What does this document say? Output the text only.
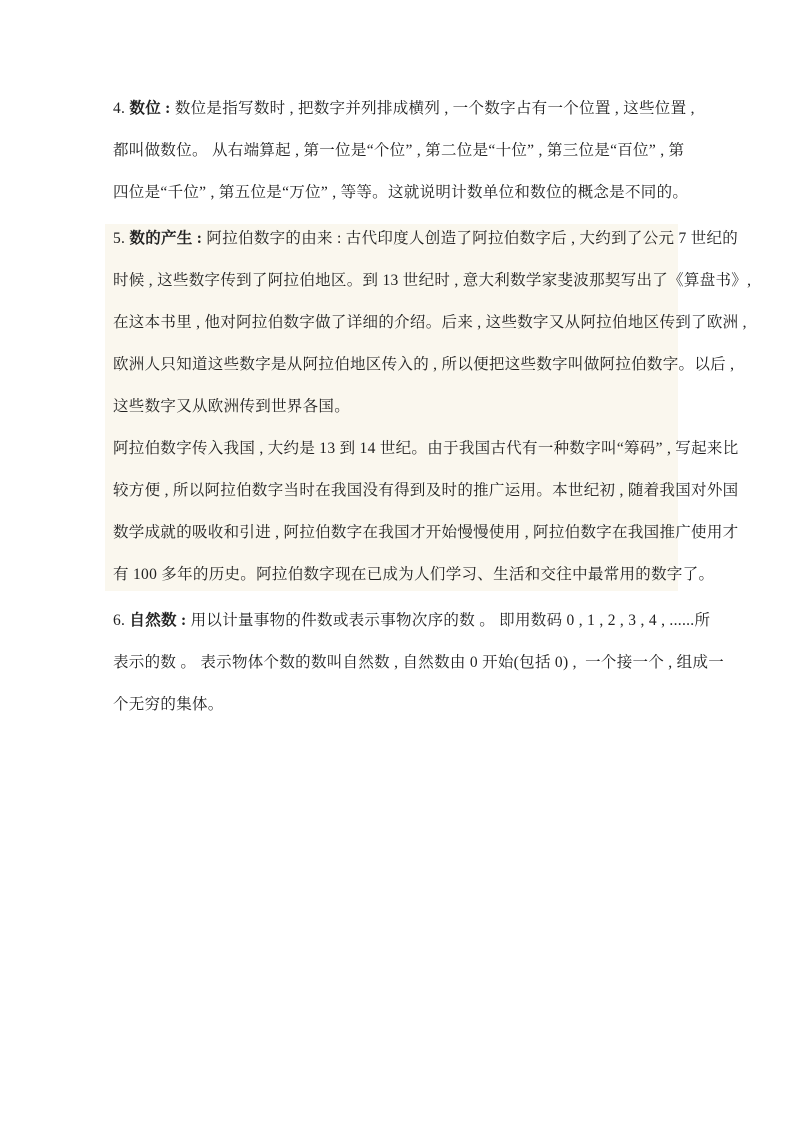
4. 数位 : 数位是指写数时 , 把数字并列排成横列 , 一个数字占有一个位置 , 这些位置 ,
都叫做数位。 从右端算起 , 第一位是“个位” , 第二位是“十位” , 第三位是“百位” , 第
四位是“千位” , 第五位是“万位” , 等等。这就说明计数单位和数位的概念是不同的。
5. 数的产生 : 阿拉伯数字的由来 : 古代印度人创造了阿拉伯数字后 , 大约到了公元 7 世纪的
时候 , 这些数字传到了阿拉伯地区。到 13 世纪时 , 意大利数学家斐波那契写出了《算盘书》,
在这本书里 , 他对阿拉伯数字做了详细的介绍。后来 , 这些数字又从阿拉伯地区传到了欧洲 ,
欧洲人只知道这些数字是从阿拉伯地区传入的 , 所以便把这些数字叫做阿拉伯数字。以后 ,
这些数字又从欧洲传到世界各国。
阿拉伯数字传入我国 , 大约是 13 到 14 世纪。由于我国古代有一种数字叫“筹码” , 写起来比
较方便 , 所以阿拉伯数字当时在我国没有得到及时的推广运用。本世纪初 , 随着我国对外国
数学成就的吸收和引进 , 阿拉伯数字在我国才开始慢慢使用 , 阿拉伯数字在我国推广使用才
有 100 多年的历史。阿拉伯数字现在已成为人们学习、生活和交往中最常用的数字了。
6. 自然数 : 用以计量事物的件数或表示事物次序的数 。 即用数码 0 , 1 , 2 , 3 , 4 , ......所
表示的数 。 表示物体个数的数叫自然数 , 自然数由 0 开始(包括 0) ,  一个接一个 , 组成一
个无穷的集体。
